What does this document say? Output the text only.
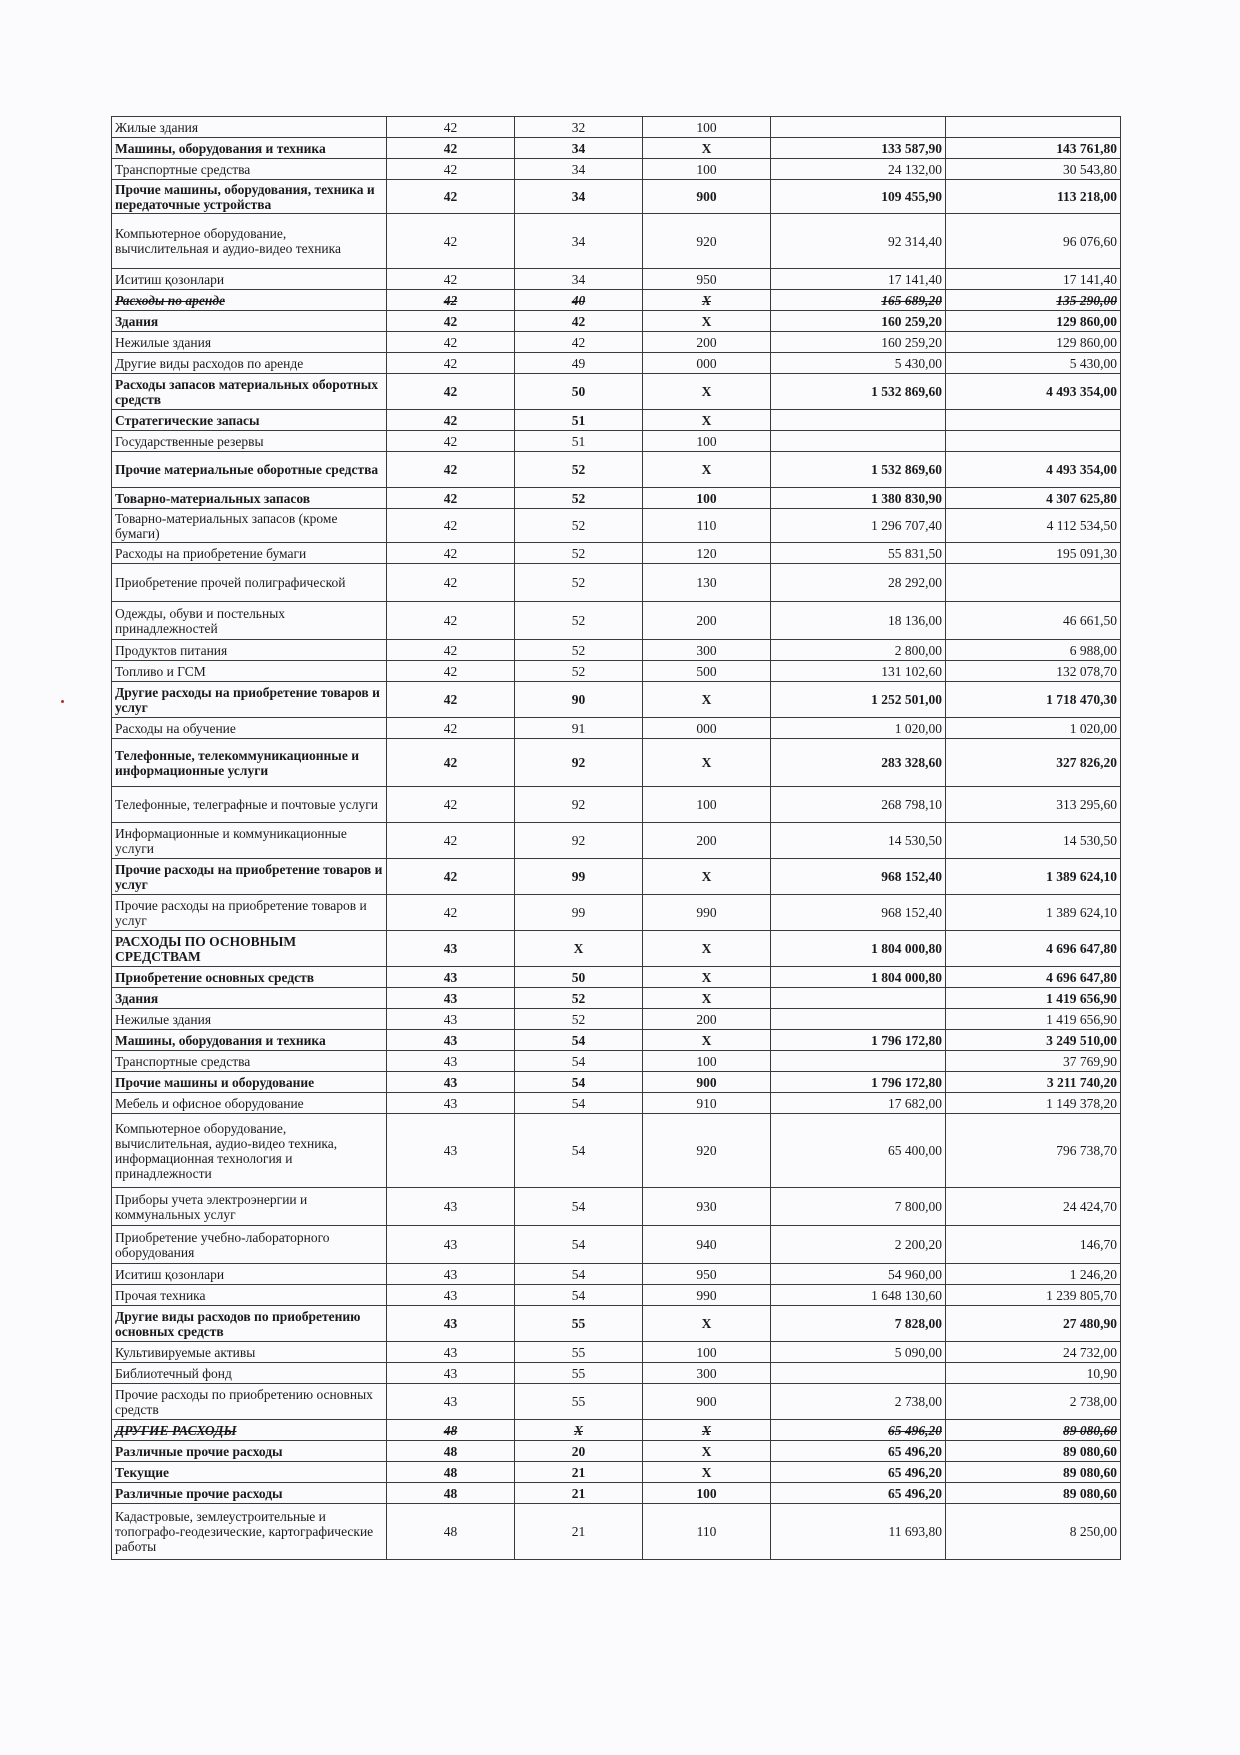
Жилые здания	42	32	100		
Машины, оборудования и техника	42	34	X	133 587,90	143 761,80
Транспортные средства	42	34	100	24 132,00	30 543,80
Прочие машины, оборудования, техника и передаточные устройства	42	34	900	109 455,90	113 218,00
Компьютерное оборудование, вычислительная и аудио-видео техника	42	34	920	92 314,40	96 076,60
Иситиш қозонлари	42	34	950	17 141,40	17 141,40
Расходы по аренде	42	40	X	165 689,20	135 290,00
Здания	42	42	X	160 259,20	129 860,00
Нежилые здания	42	42	200	160 259,20	129 860,00
Другие виды расходов по аренде	42	49	000	5 430,00	5 430,00
Расходы запасов материальных оборотных средств	42	50	X	1 532 869,60	4 493 354,00
Стратегические запасы	42	51	X		
Государственные резервы	42	51	100		
Прочие материальные оборотные средства	42	52	X	1 532 869,60	4 493 354,00
Товарно-материальных запасов	42	52	100	1 380 830,90	4 307 625,80
Товарно-материальных запасов (кроме бумаги)	42	52	110	1 296 707,40	4 112 534,50
Расходы на приобретение бумаги	42	52	120	55 831,50	195 091,30
Приобретение прочей полиграфической	42	52	130	28 292,00	
Одежды, обуви и постельных принадлежностей	42	52	200	18 136,00	46 661,50
Продуктов питания	42	52	300	2 800,00	6 988,00
Топливо и ГСМ	42	52	500	131 102,60	132 078,70
Другие расходы на приобретение товаров и услуг	42	90	X	1 252 501,00	1 718 470,30
Расходы на обучение	42	91	000	1 020,00	1 020,00
Телефонные, телекоммуникационные и информационные услуги	42	92	X	283 328,60	327 826,20
Телефонные, телеграфные и почтовые услуги	42	92	100	268 798,10	313 295,60
Информационные и коммуникационные услуги	42	92	200	14 530,50	14 530,50
Прочие расходы на приобретение товаров и услуг	42	99	X	968 152,40	1 389 624,10
Прочие расходы на приобретение товаров и услуг	42	99	990	968 152,40	1 389 624,10
РАСХОДЫ ПО ОСНОВНЫМ СРЕДСТВАМ	43	X	X	1 804 000,80	4 696 647,80
Приобретение основных средств	43	50	X	1 804 000,80	4 696 647,80
Здания	43	52	X		1 419 656,90
Нежилые здания	43	52	200		1 419 656,90
Машины, оборудования и техника	43	54	X	1 796 172,80	3 249 510,00
Транспортные средства	43	54	100		37 769,90
Прочие машины и оборудование	43	54	900	1 796 172,80	3 211 740,20
Мебель и офисное оборудование	43	54	910	17 682,00	1 149 378,20
Компьютерное оборудование, вычислительная, аудио-видео техника, информационная технология и принадлежности	43	54	920	65 400,00	796 738,70
Приборы учета электроэнергии и коммунальных услуг	43	54	930	7 800,00	24 424,70
Приобретение учебно-лабораторного оборудования	43	54	940	2 200,20	146,70
Иситиш қозонлари	43	54	950	54 960,00	1 246,20
Прочая техника	43	54	990	1 648 130,60	1 239 805,70
Другие виды расходов по приобретению основных средств	43	55	X	7 828,00	27 480,90
Культивируемые активы	43	55	100	5 090,00	24 732,00
Библиотечный фонд	43	55	300		10,90
Прочие расходы по приобретению основных средств	43	55	900	2 738,00	2 738,00
ДРУГИЕ РАСХОДЫ	48	X	X	65 496,20	89 080,60
Различные прочие расходы	48	20	X	65 496,20	89 080,60
Текущие	48	21	X	65 496,20	89 080,60
Различные прочие расходы	48	21	100	65 496,20	89 080,60
Кадастровые, землеустроительные и топографо-геодезические, картографические работы	48	21	110	11 693,80	8 250,00
